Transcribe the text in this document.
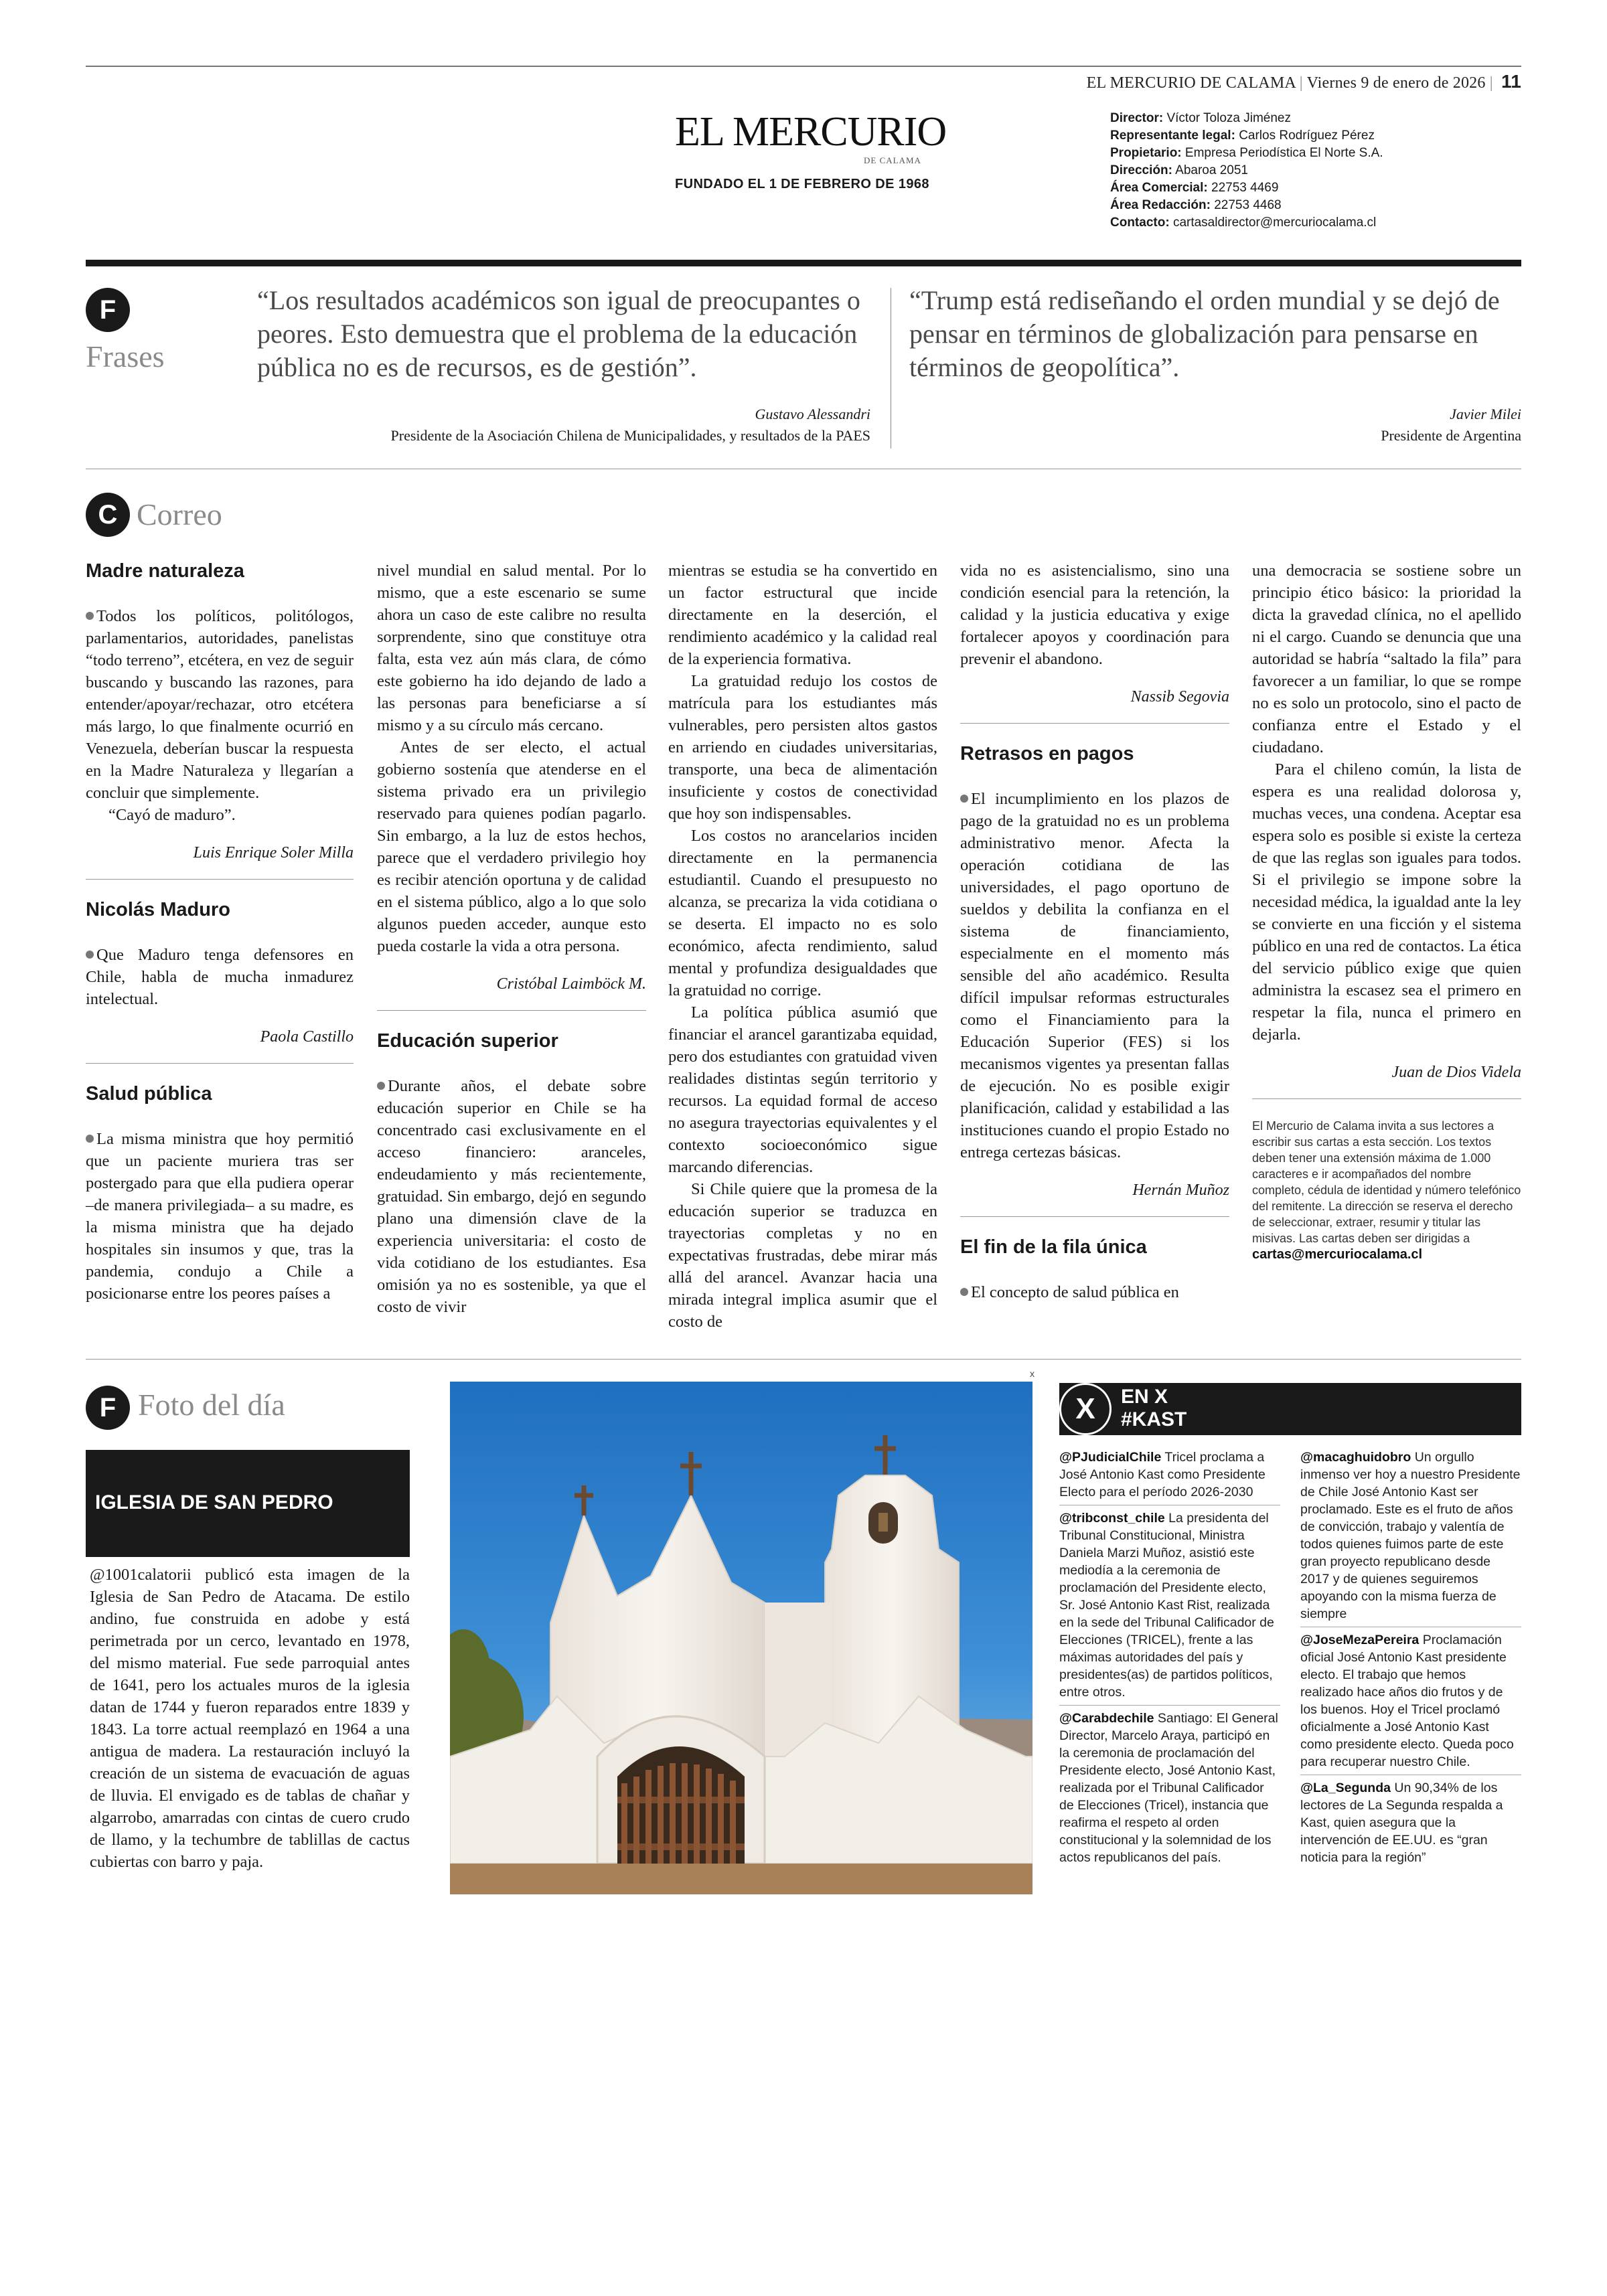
EL MERCURIO DE CALAMA | Viernes 9 de enero de 2026 | 11
EL MERCURIO
DE CALAMA
FUNDADO EL 1 DE FEBRERO DE 1968
Director: Víctor Toloza Jiménez
Representante legal: Carlos Rodríguez Pérez
Propietario: Empresa Periodística El Norte S.A.
Dirección: Abaroa 2051
Área Comercial: 22753 4469
Área Redacción: 22753 4468
Contacto: cartasaldirector@mercuriocalama.cl
F
Frases
“Los resultados académicos son igual de preocupantes o peores. Esto demuestra que el problema de la educación pública no es de recursos, es de gestión”.
Gustavo Alessandri
Presidente de la Asociación Chilena de Municipalidades, y resultados de la PAES
“Trump está rediseñando el orden mundial y se dejó de pensar en términos de globalización para pensarse en términos de geopolítica”.
Javier Milei
Presidente de Argentina
C Correo
Madre naturaleza

Todos los políticos, politólogos, parlamentarios, autoridades, panelistas “todo terreno”, etcétera, en vez de seguir buscando y buscando las razones, para entender/apoyar/rechazar, otro etcétera más largo, lo que finalmente ocurrió en Venezuela, deberían buscar la respuesta en la Madre Naturaleza y llegarían a concluir que simplemente.

“Cayó de maduro”.

Luis Enrique Soler Milla
Nicolás Maduro

Que Maduro tenga defensores en Chile, habla de mucha inmadurez intelectual.

Paola Castillo
Salud pública

La misma ministra que hoy permitió que un paciente muriera tras ser postergado para que ella pudiera operar –de manera privilegiada– a su madre, es la misma ministra que ha dejado hospitales sin insumos y que, tras la pandemia, condujo a Chile a posicionarse entre los peores países a

nivel mundial en salud mental. Por lo mismo, que a este escenario se sume ahora un caso de este calibre no resulta sorprendente, sino que constituye otra falta, esta vez aún más clara, de cómo este gobierno ha ido dejando de lado a las personas para beneficiarse a sí mismo y a su círculo más cercano.

Antes de ser electo, el actual gobierno sostenía que atenderse en el sistema privado era un privilegio reservado para quienes podían pagarlo. Sin embargo, a la luz de estos hechos, parece que el verdadero privilegio hoy es recibir atención oportuna y de calidad en el sistema público, algo a lo que solo algunos pueden acceder, aunque esto pueda costarle la vida a otra persona.

Cristóbal Laimböck M.
Educación superior

Durante años, el debate sobre educación superior en Chile se ha concentrado casi exclusivamente en el acceso financiero: aranceles, endeudamiento y más recientemente, gratuidad. Sin embargo, dejó en segundo plano una dimensión clave de la experiencia universitaria: el costo de vida cotidiano de los estudiantes. Esa omisión ya no es sostenible, ya que el costo de vivir

mientras se estudia se ha convertido en un factor estructural que incide directamente en la deserción, el rendimiento académico y la calidad real de la experiencia formativa.

La gratuidad redujo los costos de matrícula para los estudiantes más vulnerables, pero persisten altos gastos en arriendo en ciudades universitarias, transporte, una beca de alimentación insuficiente y costos de conectividad que hoy son indispensables.

Los costos no arancelarios inciden directamente en la permanencia estudiantil. Cuando el presupuesto no alcanza, se precariza la vida cotidiana o se deserta. El impacto no es solo económico, afecta rendimiento, salud mental y profundiza desigualdades que la gratuidad no corrige.

La política pública asumió que financiar el arancel garantizaba equidad, pero dos estudiantes con gratuidad viven realidades distintas según territorio y recursos. La equidad formal de acceso no asegura trayectorias equivalentes y el contexto socioeconómico sigue marcando diferencias.

Si Chile quiere que la promesa de la educación superior se traduzca en trayectorias completas y no en expectativas frustradas, debe mirar más allá del arancel. Avanzar hacia una mirada integral implica asumir que el costo de

vida no es asistencialismo, sino una condición esencial para la retención, la calidad y la justicia educativa y exige fortalecer apoyos y coordinación para prevenir el abandono.

Nassib Segovia
Retrasos en pagos

El incumplimiento en los plazos de pago de la gratuidad no es un problema administrativo menor. Afecta la operación cotidiana de las universidades, el pago oportuno de sueldos y debilita la confianza en el sistema de financiamiento, especialmente en el momento más sensible del año académico. Resulta difícil impulsar reformas estructurales como el Financiamiento para la Educación Superior (FES) si los mecanismos vigentes ya presentan fallas de ejecución. No es posible exigir planificación, calidad y estabilidad a las instituciones cuando el propio Estado no entrega certezas básicas.

Hernán Muñoz
El fin de la fila única

El concepto de salud pública en

una democracia se sostiene sobre un principio ético básico: la prioridad la dicta la gravedad clínica, no el apellido ni el cargo. Cuando se denuncia que una autoridad se habría “saltado la fila” para favorecer a un familiar, lo que se rompe no es solo un protocolo, sino el pacto de confianza entre el Estado y el ciudadano.

Para el chileno común, la lista de espera es una realidad dolorosa y, muchas veces, una condena. Aceptar esa espera solo es posible si existe la certeza de que las reglas son iguales para todos. Si el privilegio se impone sobre la necesidad médica, la igualdad ante la ley se convierte en una ficción y el sistema público en una red de contactos. La ética del servicio público exige que quien administra la escasez sea el primero en respetar la fila, nunca el primero en dejarla.

Juan de Dios Videla
El Mercurio de Calama invita a sus lectores a escribir sus cartas a esta sección. Los textos deben tener una extensión máxima de 1.000 caracteres e ir acompañados del nombre completo, cédula de identidad y número telefónico del remitente. La dirección se reserva el derecho de seleccionar, extraer, resumir y titular las misivas. Las cartas deben ser dirigidas a
cartas@mercuriocalama.cl
F Foto del día
IGLESIA DE SAN PEDRO
@1001calatorii publicó esta imagen de la Iglesia de San Pedro de Atacama. De estilo andino, fue construida en adobe y está perimetrada por un cerco, levantado en 1978, del mismo material. Fue sede parroquial antes de 1641, pero los actuales muros de la iglesia datan de 1744 y fueron reparados entre 1839 y 1843. La torre actual reemplazó en 1964 a una antigua de madera. La restauración incluyó la creación de un sistema de evacuación de aguas de lluvia. El envigado es de tablas de chañar y algarrobo, amarradas con cintas de cuero crudo de llamo, y la techumbre de tablillas de cactus cubiertas con barro y paja.
x
X	EN X
#KAST
@PJudicialChile Tricel proclama a José Antonio Kast como Presidente Electo para el período 2026-2030
@tribconst_chile La presidenta del Tribunal Constitucional, Ministra Daniela Marzi Muñoz, asistió este mediodía a la ceremonia de proclamación del Presidente electo, Sr. José Antonio Kast Rist, realizada en la sede del Tribunal Calificador de Elecciones (TRICEL), frente a las máximas autoridades del país y presidentes(as) de partidos políticos, entre otros.
@Carabdechile Santiago: El General Director, Marcelo Araya, participó en la ceremonia de proclamación del Presidente electo, José Antonio Kast, realizada por el Tribunal Calificador de Elecciones (Tricel), instancia que reafirma el respeto al orden constitucional y la solemnidad de los actos republicanos del país.
@macaghuidobro Un orgullo inmenso ver hoy a nuestro Presidente de Chile José Antonio Kast ser proclamado. Este es el fruto de años de convicción, trabajo y valentía de todos quienes fuimos parte de este gran proyecto republicano desde 2017 y de quienes seguiremos apoyando con la misma fuerza de siempre
@JoseMezaPereira Proclamación oficial José Antonio Kast presidente electo. El trabajo que hemos realizado hace años dio frutos y de los buenos. Hoy el Tricel proclamó oficialmente a José Antonio Kast como presidente electo. Queda poco para recuperar nuestro Chile.
@La_Segunda Un 90,34% de los lectores de La Segunda respalda a Kast, quien asegura que la intervención de EE.UU. es “gran noticia para la región”
